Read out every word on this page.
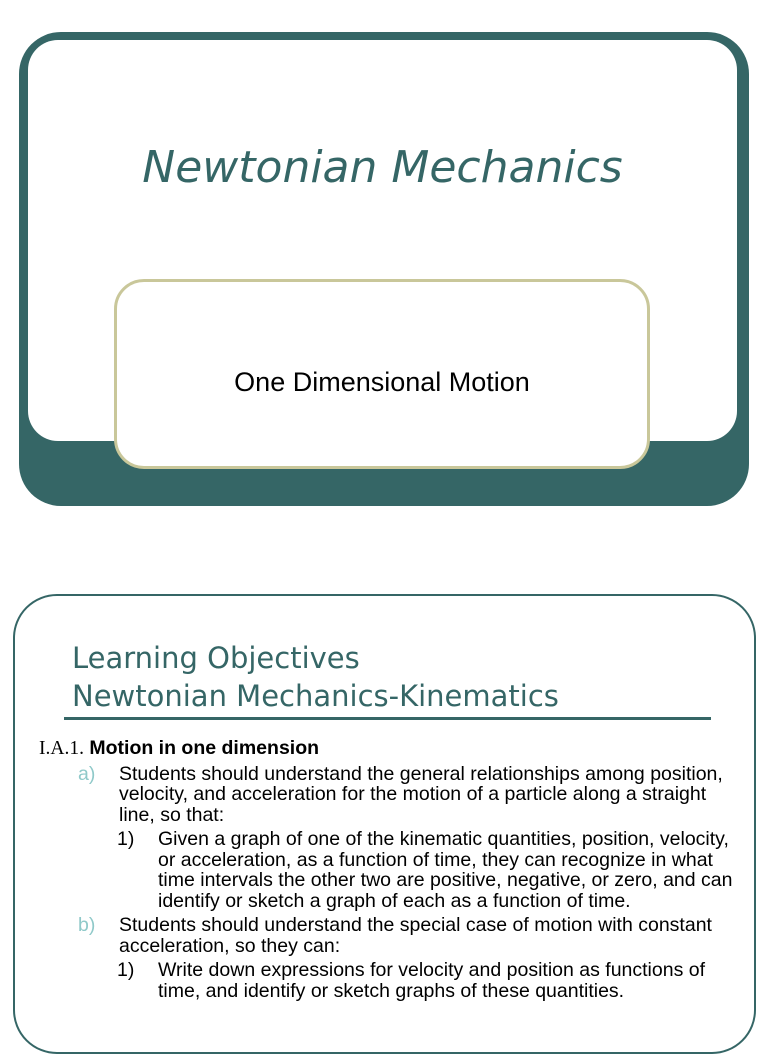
Newtonian Mechanics
One Dimensional Motion
Learning Objectives
Newtonian Mechanics-Kinematics
I.A.1. Motion in one dimension
a) Students should understand the general relationships among position, velocity, and acceleration for the motion of a particle along a straight line, so that:
1) Given a graph of one of the kinematic quantities, position, velocity, or acceleration, as a function of time, they can recognize in what time intervals the other two are positive, negative, or zero, and can identify or sketch a graph of each as a function of time.
b) Students should understand the special case of motion with constant acceleration, so they can:
1) Write down expressions for velocity and position as functions of time, and identify or sketch graphs of these quantities.
